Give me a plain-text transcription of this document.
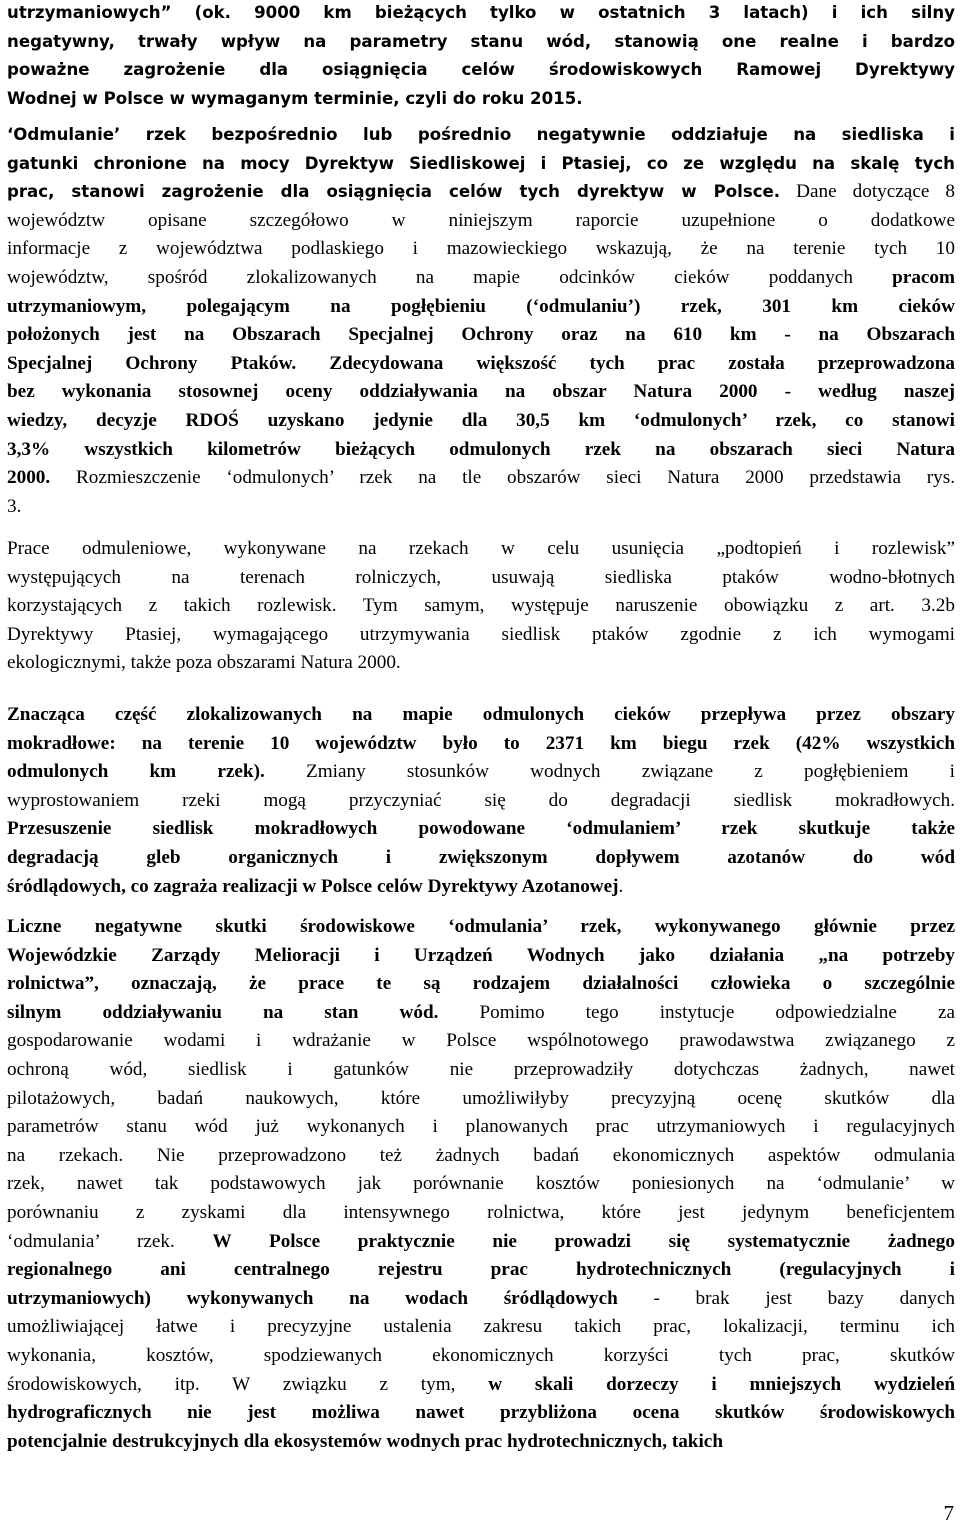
utrzymaniowych” (ok. 9000 km bieżących tylko w ostatnich 3 latach) i ich silny

negatywny, trwały wpływ na parametry stanu wód, stanowią one realne i bardzo

poważne zagrożenie dla osiągnięcia celów środowiskowych Ramowej Dyrektywy

Wodnej w Polsce w wymaganym terminie, czyli do roku 2015.

‘Odmulanie’ rzek bezpośrednio lub pośrednio negatywnie oddziałuje na siedliska i

gatunki chronione na mocy Dyrektyw Siedliskowej i Ptasiej, co ze względu na skalę tych

prac, stanowi zagrożenie dla osiągnięcia celów tych dyrektyw w Polsce. Dane dotyczące 8

województw opisane szczegółowo w niniejszym raporcie uzupełnione o dodatkowe

informacje z województwa podlaskiego i mazowieckiego wskazują, że na terenie tych 10

województw, spośród zlokalizowanych na mapie odcinków cieków poddanych pracom

utrzymaniowym, polegającym na pogłębieniu (‘odmulaniu’) rzek, 301 km cieków

położonych jest na Obszarach Specjalnej Ochrony oraz na 610 km - na Obszarach

Specjalnej Ochrony Ptaków. Zdecydowana większość tych prac została przeprowadzona

bez wykonania stosownej oceny oddziaływania na obszar Natura 2000 - według naszej

wiedzy, decyzje RDOŚ uzyskano jedynie dla 30,5 km ‘odmulonych’ rzek, co stanowi

3,3% wszystkich kilometrów bieżących odmulonych rzek na obszarach sieci Natura

2000. Rozmieszczenie ‘odmulonych’ rzek na tle obszarów sieci Natura 2000 przedstawia rys.

3.

Prace odmuleniowe, wykonywane na rzekach w celu usunięcia „podtopień i rozlewisk”

występujących na terenach rolniczych, usuwają siedliska ptaków wodno-błotnych

korzystających z takich rozlewisk. Tym samym, występuje naruszenie obowiązku z art. 3.2b

Dyrektywy Ptasiej, wymagającego utrzymywania siedlisk ptaków zgodnie z ich wymogami

ekologicznymi, także poza obszarami Natura 2000.

Znacząca część zlokalizowanych na mapie odmulonych cieków przepływa przez obszary

mokradłowe: na terenie 10 województw było to 2371 km biegu rzek (42% wszystkich

odmulonych km rzek). Zmiany stosunków wodnych związane z pogłębieniem i

wyprostowaniem rzeki mogą przyczyniać się do degradacji siedlisk mokradłowych.

Przesuszenie siedlisk mokradłowych powodowane ‘odmulaniem’ rzek skutkuje także

degradacją gleb organicznych i zwiększonym dopływem azotanów do wód

śródlądowych, co zagraża realizacji w Polsce celów Dyrektywy Azotanowej.

Liczne negatywne skutki środowiskowe ‘odmulania’ rzek, wykonywanego głównie przez

Wojewódzkie Zarządy Melioracji i Urządzeń Wodnych jako działania „na potrzeby

rolnictwa”, oznaczają, że prace te są rodzajem działalności człowieka o szczególnie

silnym oddziaływaniu na stan wód. Pomimo tego instytucje odpowiedzialne za

gospodarowanie wodami i wdrażanie w Polsce wspólnotowego prawodawstwa związanego z

ochroną wód, siedlisk i gatunków nie przeprowadziły dotychczas żadnych, nawet

pilotażowych, badań naukowych, które umożliwiłyby precyzyjną ocenę skutków dla

parametrów stanu wód już wykonanych i planowanych prac utrzymaniowych i regulacyjnych

na rzekach. Nie przeprowadzono też żadnych badań ekonomicznych aspektów odmulania

rzek, nawet tak podstawowych jak porównanie kosztów poniesionych na ‘odmulanie’ w

porównaniu z zyskami dla intensywnego rolnictwa, które jest jedynym beneficjentem

‘odmulania’ rzek. W Polsce praktycznie nie prowadzi się systematycznie żadnego

regionalnego ani centralnego rejestru prac hydrotechnicznych (regulacyjnych i

utrzymaniowych) wykonywanych na wodach śródlądowych - brak jest bazy danych

umożliwiającej łatwe i precyzyjne ustalenia zakresu takich prac, lokalizacji, terminu ich

wykonania, kosztów, spodziewanych ekonomicznych korzyści tych prac, skutków

środowiskowych, itp. W związku z tym, w skali dorzeczy i mniejszych wydzieleń

hydrograficznych nie jest możliwa nawet przybliżona ocena skutków środowiskowych

potencjalnie destrukcyjnych dla ekosystemów wodnych prac hydrotechnicznych, takich

7
